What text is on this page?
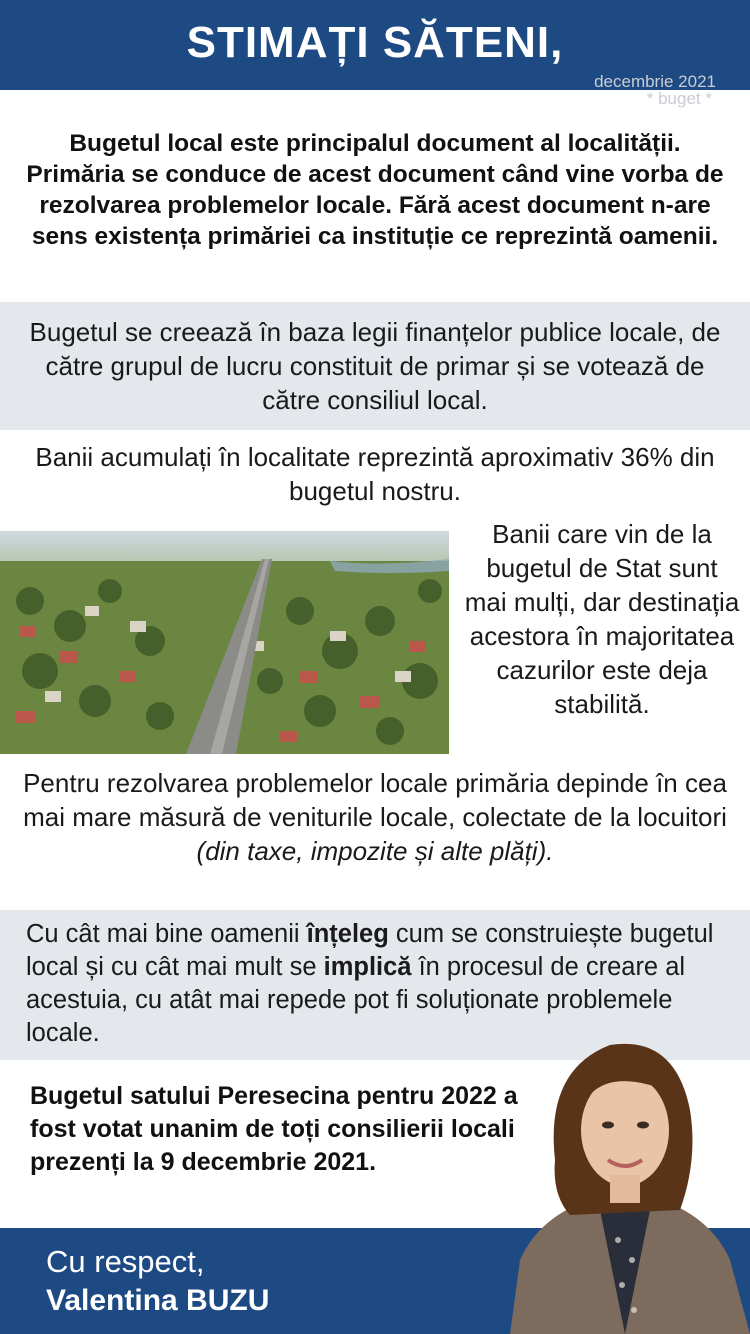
STIMAȚI SĂTENI,
decembrie 2021
* buget *
Bugetul local este principalul document al localității. Primăria se conduce de acest document când vine vorba de rezolvarea problemelor locale. Fără acest document n-are sens existența primăriei ca instituție ce reprezintă oamenii.
Bugetul se creează în baza legii finanțelor publice locale, de către grupul de lucru constituit de primar și se votează de către consiliul local.
Banii acumulați în localitate reprezintă aproximativ 36% din bugetul nostru.
Banii care vin de la bugetul de Stat sunt mai mulți, dar destinația acestora în majoritatea cazurilor este deja stabilită.
Pentru rezolvarea problemelor locale primăria depinde în cea mai mare măsură de veniturile locale, colectate de la locuitori
(din taxe, impozite și alte plăți).
Cu cât mai bine oamenii înțeleg cum se construiește bugetul local și cu cât mai mult se implică în procesul de creare al acestuia, cu atât mai repede pot fi soluționate problemele locale.
Bugetul satului Peresecina pentru 2022 a fost votat unanim de toți consilierii locali prezenți la 9 decembrie 2021.
Cu respect,
Valentina BUZU
